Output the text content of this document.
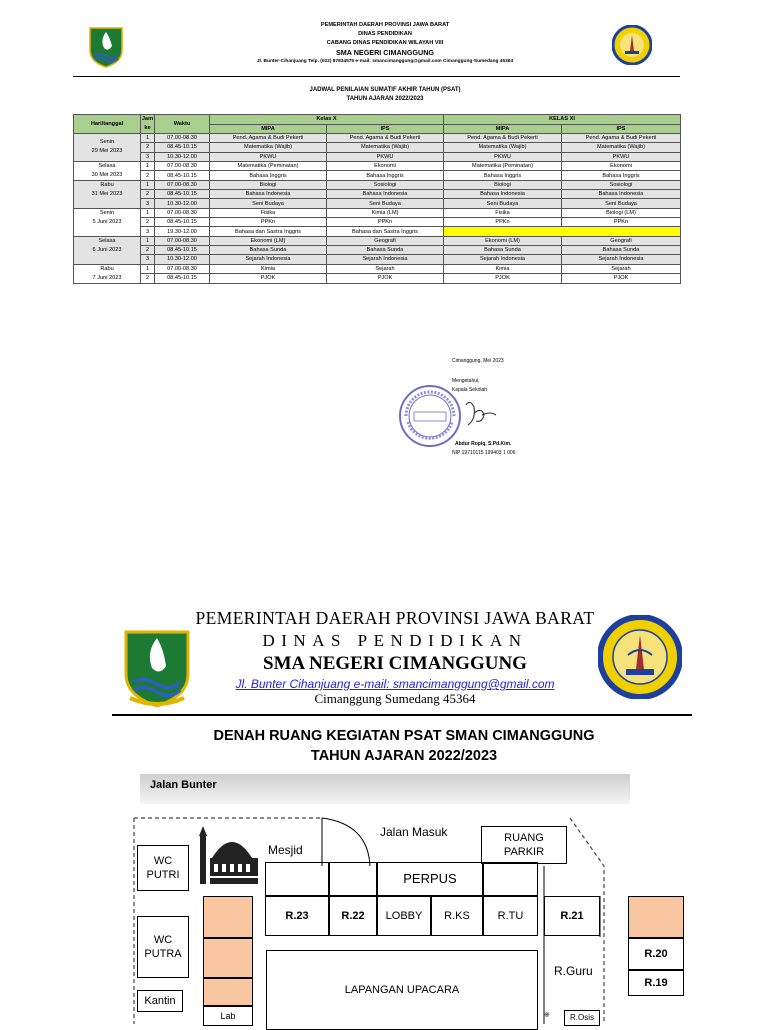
PEMERINTAH DAERAH PROVINSI JAWA BARAT
DINAS PENDIDIKAN
CABANG DINAS PENDIDIKAN WILAYAH VIII
SMA NEGERI CIMANGGUNG
Jl. Bunter-Cihanjuang Telp. (022) 87834575 e-mail: smancimanggung@gmail.com Cimanggung-Sumedang 45364
JADWAL PENILAIAN SUMATIF AKHIR TAHUN (PSAT)
TAHUN AJARAN 2022/2023
Hari/tanggal	Jam
ke	Waktu	Kelas X		KELAS XI	
			MIPA	IPS	MIPA	IPS
Senin
29 Mei 2023	1	07.00-08.30	Pend. Agama & Budi Pekerti	Pend. Agama & Budi Pekerti	Pend. Agama & Budi Pekerti	Pend. Agama & Budi Pekerti
	2	08.45-10.15	Matematika (Wajib)	Matematika (Wajib)	Matematika (Wajib)	Matematika (Wajib)
	3	10.30-12.00	PKWU	PKWU	PKWU	PKWU
Selasa
30 Mei 2023	1	07.00-08.30	Matematika (Peminatan)	Ekonomi	Matematika (Peminatan)	Ekonomi
	2	08.45-10.15	Bahasa Inggris	Bahasa Inggris	Bahasa Inggris	Bahasa Inggris
Rabu
31 Mei 2023	1	07.00-08.30	Biologi	Sosiologi	Biologi	Sosiologi
	2	08.45-10.15	Bahasa Indonesia	Bahasa Indonesia	Bahasa Indonesia	Bahasa Indonesia
	3	10.30-12.00	Seni Budaya	Seni Budaya	Seni Budaya	Seni Budaya
Senin
5 Juni 2023	1	07.00-08.30	Fisika	Kimia (LM)	Fisika	Biologi (LM)
	2	08.45-10.15	PPKn	PPKn	PPKn	PPKn
	3	19.30-12.00	Bahasa dan Sastra Inggris	Bahasa dan Sastra Inggris		
Selasa
6 Juni 2023	1	07.00-08.30	Ekonomi (LM)	Geografi	Ekonomi (LM)	Geografi
	2	08.45-10.15	Bahasa Sunda	Bahasa Sunda	Bahasa Sunda	Bahasa Sunda
	3	10.30-12.00	Sejarah Indonesia	Sejarah Indonesia	Sejarah Indonesia	Sejarah Indonesia
Rabu
7 Juni 2023	1	07.00-08.30	Kimia	Sejarah	Kimia	Sejarah
	2	08.45-10.15	PJOK	PJOK	PJOK	PJOK
Cimanggung, Mei 2023
Mengetahui,
Kepala Sekolah
Abdur Ropiq, S.Pd.Kim.
NIP 19710115 199403 1 006
PEMERINTAH DAERAH PROVINSI JAWA BARAT
DINAS PENDIDIKAN
SMA NEGERI CIMANGGUNG
Jl. Bunter Cihanjuang e-mail: smancimanggung@gmail.com
Cimanggung Sumedang 45364
DENAH RUANG KEGIATAN PSAT SMAN CIMANGGUNG
TAHUN AJARAN 2022/2023
Jalan Bunter
Mesjid
Jalan Masuk	RUANG PARKIR
WC PUTRI
WC PUTRA
Kantin
Lab
PERPUS
R.23	R.22	LOBBY	R.KS	R.TU	R.21
LAPANGAN UPACARA
R.Guru
※	R.Osis
R.20
R.19
